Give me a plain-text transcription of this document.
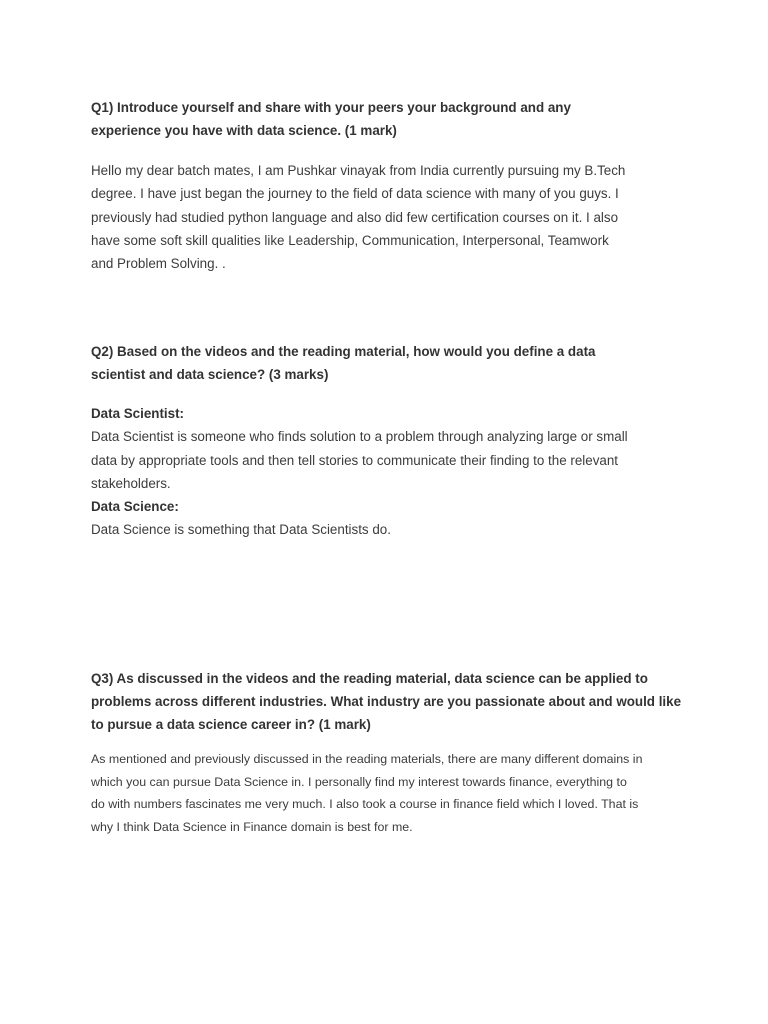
Q1) Introduce yourself and share with your peers your background and any
experience you have with data science. (1 mark)

Hello my dear batch mates, I am Pushkar vinayak from India currently pursuing my B.Tech
degree. I have just began the journey to the field of data science with many of you guys. I
previously had studied python language and also did few certification courses on it. I also
have some soft skill qualities like Leadership, Communication, Interpersonal, Teamwork
and Problem Solving. .

Q2) Based on the videos and the reading material, how would you define a data
scientist and data science? (3 marks)

Data Scientist:
Data Scientist is someone who finds solution to a problem through analyzing large or small
data by appropriate tools and then tell stories to communicate their finding to the relevant
stakeholders.
Data Science:
Data Science is something that Data Scientists do.

Q3) As discussed in the videos and the reading material, data science can be applied to
problems across different industries. What industry are you passionate about and would like
to pursue a data science career in? (1 mark)

As mentioned and previously discussed in the reading materials, there are many different domains in
which you can pursue Data Science in. I personally find my interest towards finance, everything to
do with numbers fascinates me very much. I also took a course in finance field which I loved. That is
why I think Data Science in Finance domain is best for me.
